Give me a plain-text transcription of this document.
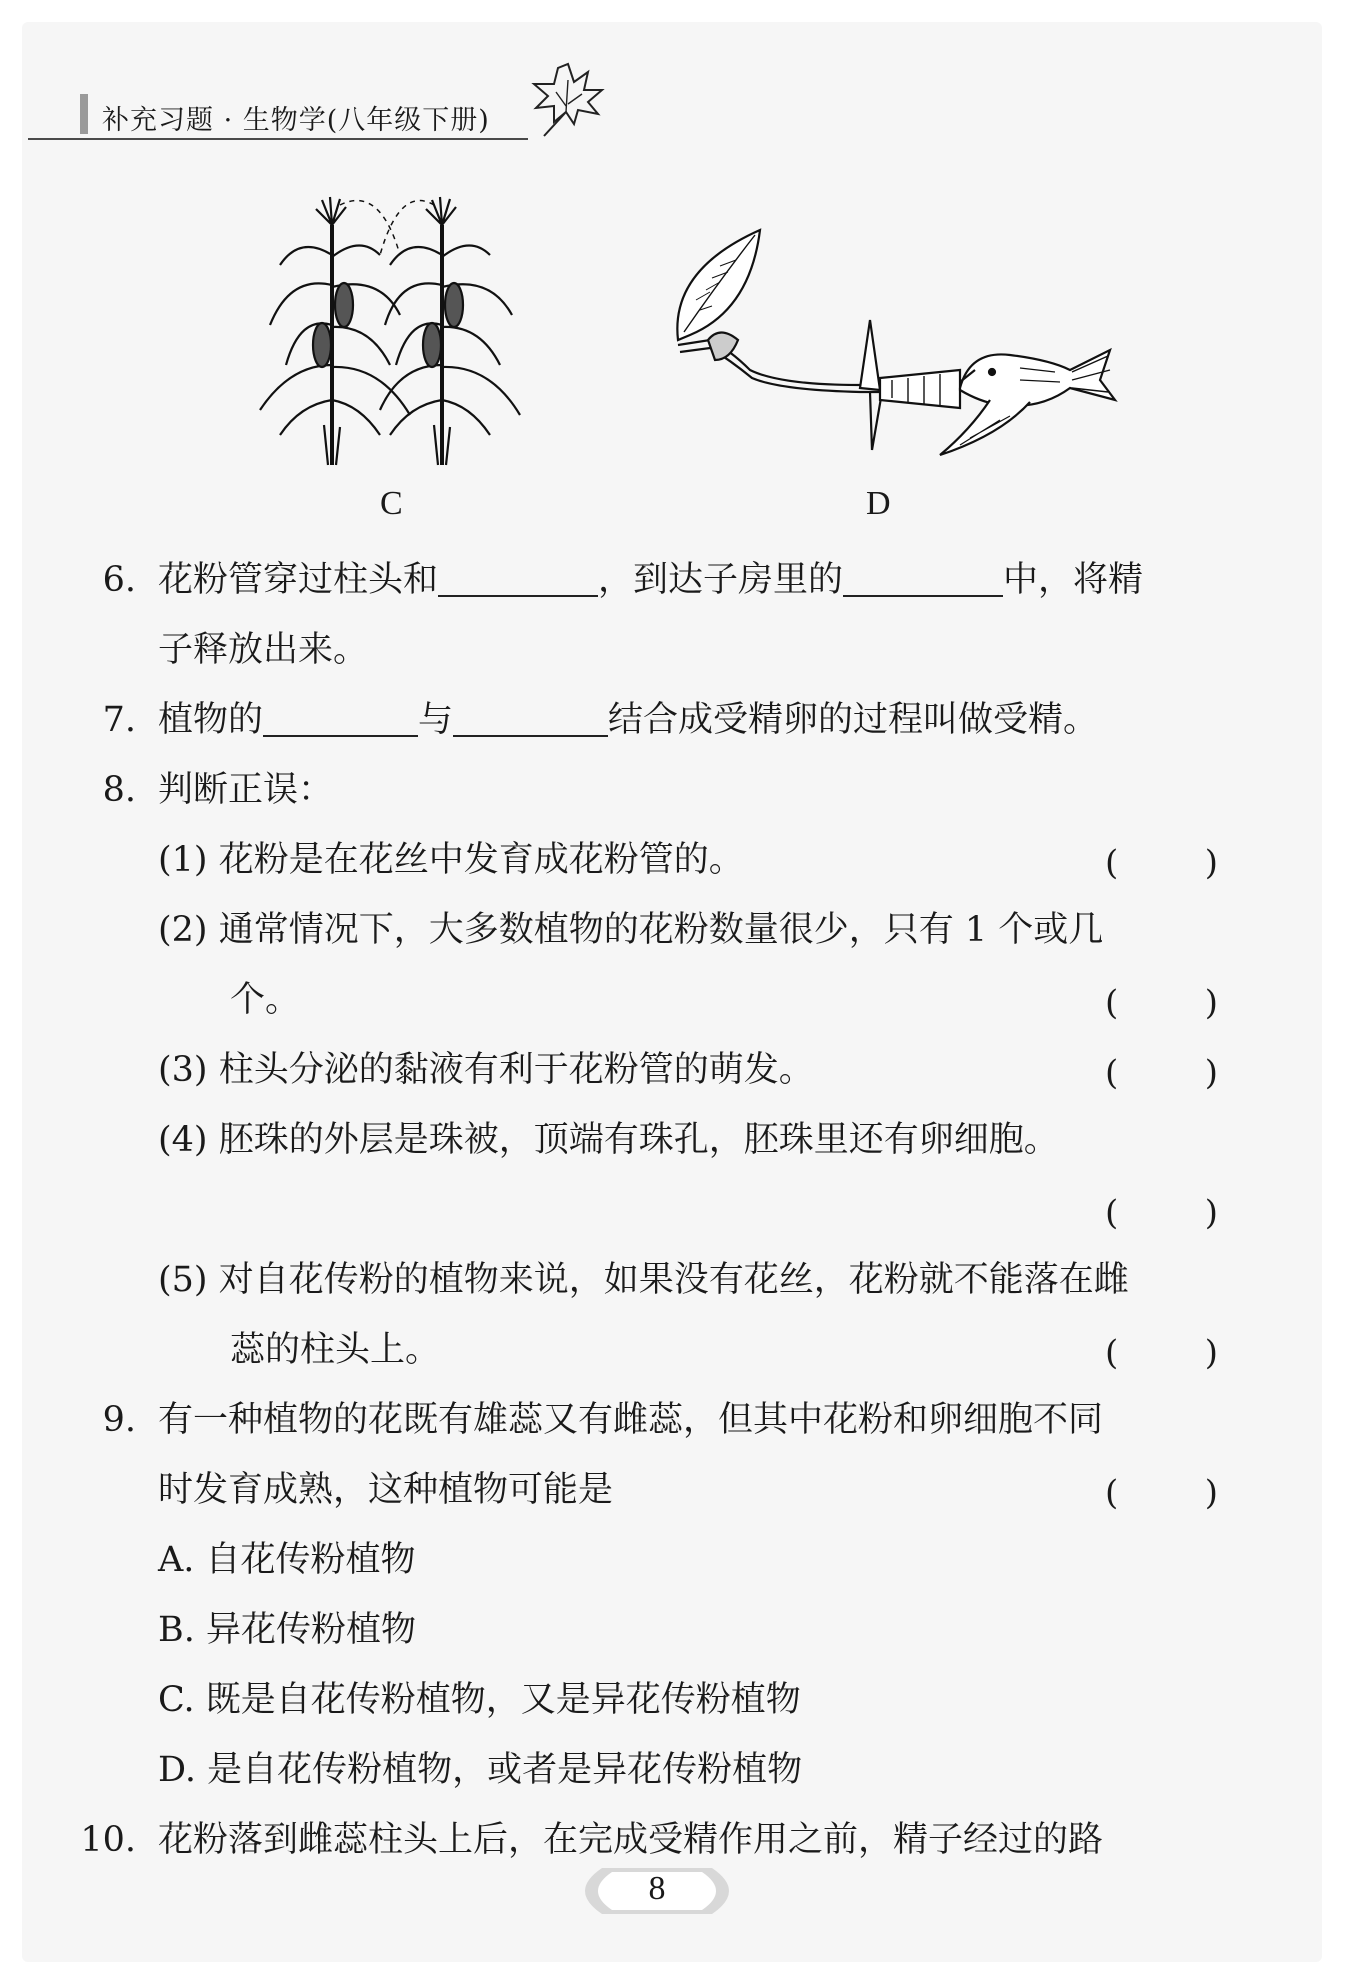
补充习题 · 生物学(八年级下册)
C	D
6. 花粉管穿过柱头和	，到达子房里的	中，将精
子释放出来。
7. 植物的	与	结合成受精卵的过程叫做受精。
8. 判断正误：
(1) 花粉是在花丝中发育成花粉管的。	(        )
(2) 通常情况下，大多数植物的花粉数量很少，只有 1 个或几
个。	(        )
(3) 柱头分泌的黏液有利于花粉管的萌发。	(        )
(4) 胚珠的外层是珠被，顶端有珠孔，胚珠里还有卵细胞。
(        )
(5) 对自花传粉的植物来说，如果没有花丝，花粉就不能落在雌
蕊的柱头上。	(        )
9. 有一种植物的花既有雄蕊又有雌蕊，但其中花粉和卵细胞不同
时发育成熟，这种植物可能是	(        )
A. 自花传粉植物
B. 异花传粉植物
C. 既是自花传粉植物，又是异花传粉植物
D. 是自花传粉植物，或者是异花传粉植物
10. 花粉落到雌蕊柱头上后，在完成受精作用之前，精子经过的路
8
